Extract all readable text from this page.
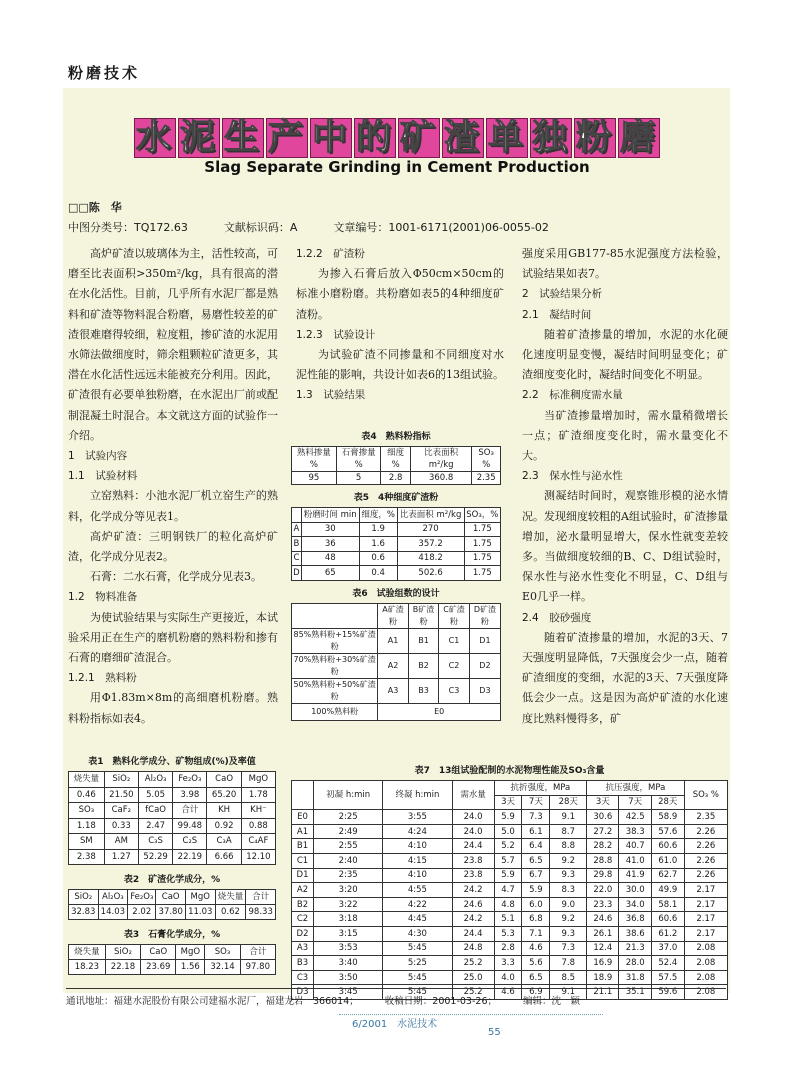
粉磨技术
水 泥 生 产 中 的 矿 渣 单 独 粉 磨
Slag Separate Grinding in Cement Production
□□陈　华
中图分类号：TQ172.63	文献标识码：A	文章编号：1001-6171(2001)06-0055-02

高炉矿渣以玻璃体为主，活性较高，可磨至比表面积>350m²/kg，具有很高的潜在水化活性。目前，几乎所有水泥厂都是熟料和矿渣等物料混合粉磨，易磨性较差的矿渣很难磨得较细，粒度粗，掺矿渣的水泥用水筛法做细度时，筛余粗颗粒矿渣更多，其潜在水化活性远远未能被充分利用。因此，矿渣很有必要单独粉磨，在水泥出厂前或配制混凝土时混合。本文就这方面的试验作一介绍。

1　试验内容

1.1　试验材料

立窑熟料：小池水泥厂机立窑生产的熟料，化学成分等见表1。

高炉矿渣：三明钢铁厂的粒化高炉矿渣，化学成分见表2。

石膏：二水石膏，化学成分见表3。

1.2　物料准备

为使试验结果与实际生产更接近，本试验采用正在生产的磨机粉磨的熟料粉和掺有石膏的磨细矿渣混合。

1.2.1　熟料粉

用Φ1.83m×8m的高细磨机粉磨。熟料粉指标如表4。

表1　熟料化学成分、矿物组成(%)及率值
烧失量	SiO₂	Al₂O₃	Fe₂O₃	CaO	MgO
0.46	21.50	5.05	3.98	65.20	1.78
SO₃	CaF₂	fCaO	合计	KH	KH⁻
1.18	0.33	2.47	99.48	0.92	0.88
SM	AM	C₃S	C₂S	C₃A	C₄AF
2.38	1.27	52.29	22.19	6.66	12.10
表2　矿渣化学成分，%
SiO₂	Al₂O₃	Fe₂O₃	CaO	MgO	烧失量	合计
32.83	14.03	2.02	37.80	11.03	0.62	98.33
表3　石膏化学成分，%
烧失量	SiO₂	CaO	MgO	SO₃	合计
18.23	22.18	23.69	1.56	32.14	97.80

1.2.2　矿渣粉

为掺入石膏后放入Φ50cm×50cm的标准小磨粉磨。共粉磨如表5的4种细度矿渣粉。

1.2.3　试验设计

为试验矿渣不同掺量和不同细度对水泥性能的影响，共设计如表6的13组试验。

1.3　试验结果

表4　熟料粉指标
熟料掺量 %	石膏掺量 %	细度 %	比表面积 m²/kg	SO₃ %
95	5	2.8	360.8	2.35
表5　4种细度矿渣粉
	粉磨时间 min	细度，%	比表面积 m²/kg	SO₃，%
A	30	1.9	270	1.75
B	36	1.6	357.2	1.75
C	48	0.6	418.2	1.75
D	65	0.4	502.6	1.75
表6　试验组数的设计
	A矿渣粉	B矿渣粉	C矿渣粉	D矿渣粉
85%熟料粉+15%矿渣粉	A1	B1	C1	D1
70%熟料粉+30%矿渣粉	A2	B2	C2	D2
50%熟料粉+50%矿渣粉	A3	B3	C3	D3
100%熟料粉	E0			

强度采用GB177-85水泥强度方法检验，试验结果如表7。

2　试验结果分析

2.1　凝结时间

随着矿渣掺量的增加，水泥的水化硬化速度明显变慢，凝结时间明显变化；矿渣细度变化时，凝结时间变化不明显。

2.2　标准稠度需水量

当矿渣掺量增加时，需水量稍微增长一点；矿渣细度变化时，需水量变化不大。

2.3　保水性与泌水性

测凝结时间时，观察锥形模的泌水情况。发现细度较粗的A组试验时，矿渣掺量增加，泌水量明显增大，保水性就变差较多。当做细度较细的B、C、D组试验时，保水性与泌水性变化不明显，C、D组与E0几乎一样。

2.4　胶砂强度

随着矿渣掺量的增加，水泥的3天、7天强度明显降低，7天强度会少一点，随着矿渣细度的变细，水泥的3天、7天强度降低会少一点。这是因为高炉矿渣的水化速度比熟料慢得多，矿

表7　13组试验配制的水泥物理性能及SO₃含量
	初凝 h:min	终凝 h:min	需水量	抗折强度，MPa			抗压强度，MPa			SO₃ %
				3天	7天	28天	3天	7天	28天	
E0	2:25	3:55	24.0	5.9	7.3	9.1	30.6	42.5	58.9	2.35
A1	2:49	4:24	24.0	5.0	6.1	8.7	27.2	38.3	57.6	2.26
B1	2:55	4:10	24.4	5.2	6.4	8.8	28.2	40.7	60.6	2.26
C1	2:40	4:15	23.8	5.7	6.5	9.2	28.8	41.0	61.0	2.26
D1	2:35	4:10	23.8	5.9	6.7	9.3	29.8	41.9	62.7	2.26
A2	3:20	4:55	24.2	4.7	5.9	8.3	22.0	30.0	49.9	2.17
B2	3:22	4:22	24.6	4.8	6.0	9.0	23.3	34.0	58.1	2.17
C2	3:18	4:45	24.2	5.1	6.8	9.2	24.6	36.8	60.6	2.17
D2	3:15	4:30	24.4	5.3	7.1	9.3	26.1	38.6	61.2	2.17
A3	3:53	5:45	24.8	2.8	4.6	7.3	12.4	21.3	37.0	2.08
B3	3:40	5:25	25.2	3.3	5.6	7.8	16.9	28.0	52.4	2.08
C3	3:50	5:45	25.0	4.0	6.5	8.5	18.9	31.8	57.5	2.08
D3	3:45	5:45	25.2	4.6	6.9	9.1	21.1	35.1	59.6	2.08
通讯地址：福建水泥股份有限公司建福水泥厂，福建龙岩　366014；	收稿日期：2001-03-26；	编辑：沈　颖
6/2001　水泥技术
55
